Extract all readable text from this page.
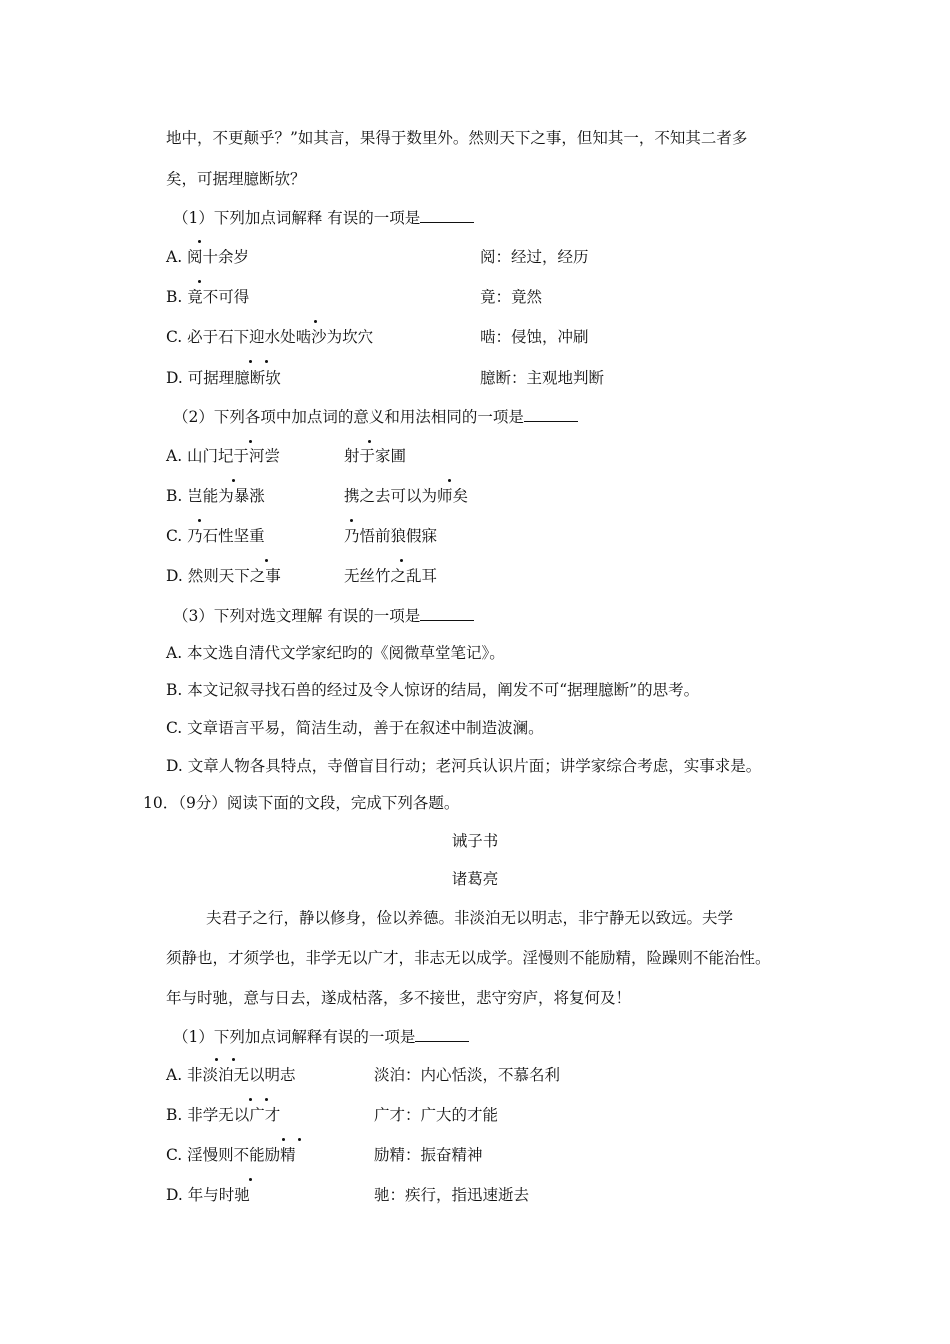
地中，不更颠乎？”如其言，果得于数里外。然则天下之事，但知其一，不知其二者多
矣，可据理臆断欤？
（1）下列加点词解释 有误的一项是
A. 阅十余岁	阅：经过，经历
B. 竟不可得	竟：竟然
C. 必于石下迎水处啮沙为坎穴	啮：侵蚀，冲刷
D. 可据理臆断欤	臆断：主观地判断
（2）下列各项中加点词的意义和用法相同的一项是
A. 山门圮于河尝	射于家圃
B. 岂能为暴涨	携之去可以为师矣
C. 乃石性坚重	乃悟前狼假寐
D. 然则天下之事	无丝竹之乱耳
（3）下列对选文理解 有误的一项是
A. 本文选自清代文学家纪昀的《阅微草堂笔记》。
B. 本文记叙寻找石兽的经过及令人惊讶的结局，阐发不可“据理臆断”的思考。
C. 文章语言平易，简洁生动，善于在叙述中制造波澜。
D. 文章人物各具特点，寺僧盲目行动；老河兵认识片面；讲学家综合考虑，实事求是。
10．（9分）阅读下面的文段，完成下列各题。
诫子书
诸葛亮
夫君子之行，静以修身，俭以养德。非淡泊无以明志，非宁静无以致远。夫学
须静也，才须学也，非学无以广才，非志无以成学。淫慢则不能励精，险躁则不能治性。
年与时驰，意与日去，遂成枯落，多不接世，悲守穷庐，将复何及！
（1）下列加点词解释有误的一项是
A. 非淡泊无以明志	淡泊：内心恬淡，不慕名利
B. 非学无以广才	广才：广大的才能
C. 淫慢则不能励精	励精：振奋精神
D. 年与时驰	驰：疾行，指迅速逝去
